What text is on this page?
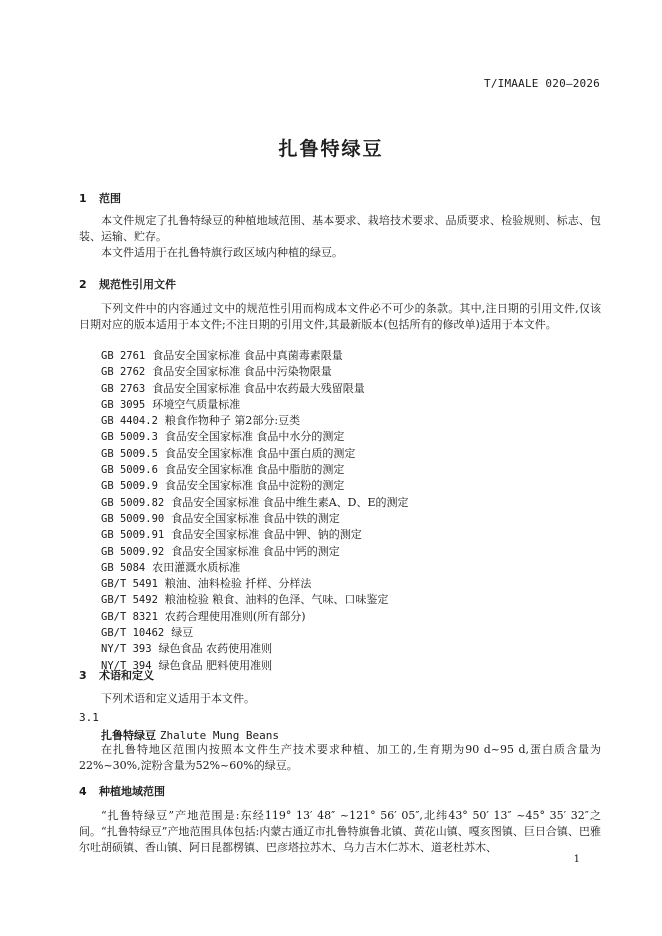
T/IMAALE 020—2026
扎鲁特绿豆
1 范围

本文件规定了扎鲁特绿豆的种植地域范围、基本要求、栽培技术要求、品质要求、检验规则、标志、包装、运输、贮存。

本文件适用于在扎鲁特旗行政区域内种植的绿豆。

2 规范性引用文件

下列文件中的内容通过文中的规范性引用而构成本文件必不可少的条款。其中,注日期的引用文件,仅该日期对应的版本适用于本文件;不注日期的引用文件,其最新版本(包括所有的修改单)适用于本文件。

GB 2761 食品安全国家标准 食品中真菌毒素限量
GB 2762 食品安全国家标准 食品中污染物限量
GB 2763 食品安全国家标准 食品中农药最大残留限量
GB 3095 环境空气质量标准
GB 4404.2 粮食作物种子 第2部分:豆类
GB 5009.3 食品安全国家标准 食品中水分的测定
GB 5009.5 食品安全国家标准 食品中蛋白质的测定
GB 5009.6 食品安全国家标准 食品中脂肪的测定
GB 5009.9 食品安全国家标准 食品中淀粉的测定
GB 5009.82 食品安全国家标准 食品中维生素A、D、E的测定
GB 5009.90 食品安全国家标准 食品中铁的测定
GB 5009.91 食品安全国家标准 食品中钾、钠的测定
GB 5009.92 食品安全国家标准 食品中钙的测定
GB 5084 农田灌溉水质标准
GB/T 5491 粮油、油料检验 扦样、分样法
GB/T 5492 粮油检验 粮食、油料的色泽、气味、口味鉴定
GB/T 8321 农药合理使用准则(所有部分)
GB/T 10462 绿豆
NY/T 393 绿色食品 农药使用准则
NY/T 394 绿色食品 肥料使用准则
3 术语和定义

下列术语和定义适用于本文件。

3.1
扎鲁特绿豆 Zhalute Mung Beans

在扎鲁特地区范围内按照本文件生产技术要求种植、加工的,生育期为90 d~95 d,蛋白质含量为22%~30%,淀粉含量为52%~60%的绿豆。

4 种植地域范围

“扎鲁特绿豆”产地范围是:东经119° 13′ 48″ ~121° 56′ 05″,北纬43° 50′ 13″ ~45° 35′ 32″之间。“扎鲁特绿豆”产地范围具体包括:内蒙古通辽市扎鲁特旗鲁北镇、黄花山镇、嘎亥图镇、巨日合镇、巴雅尔吐胡硕镇、香山镇、阿日昆都楞镇、巴彦塔拉苏木、乌力吉木仁苏木、道老杜苏木、

1
